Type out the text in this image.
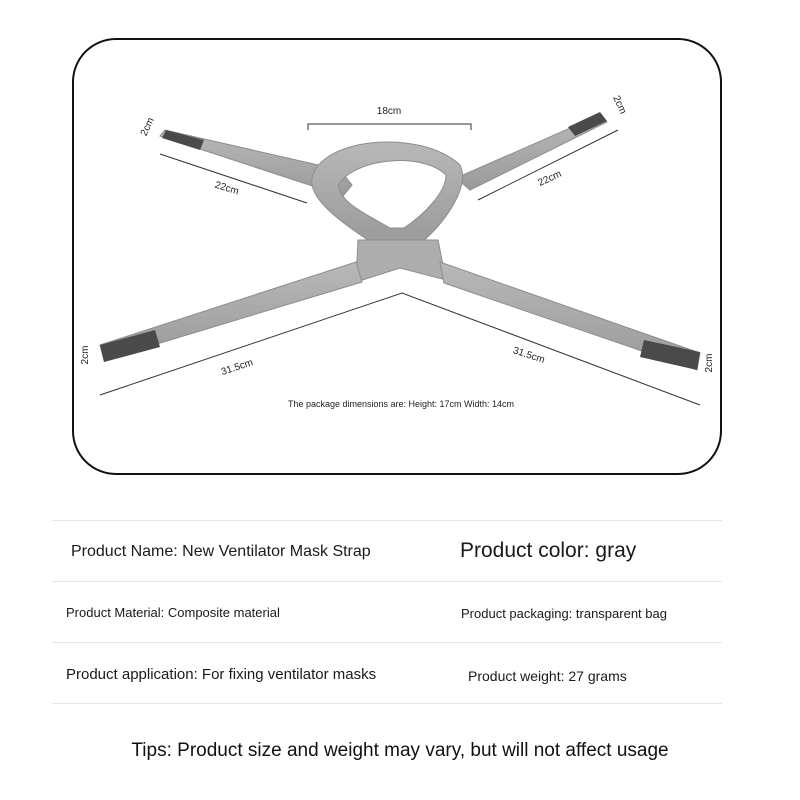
18cm
2cm
2cm
22cm	22cm
2cm	2cm
31.5cm
31.5cm
The package dimensions are: Height: 17cm Width: 14cm
Product Name: New Ventilator Mask Strap	Product color: gray
Product Material: Composite material	Product packaging: transparent bag
Product application: For fixing ventilator masks	Product weight: 27 grams
Tips: Product size and weight may vary, but will not affect usage
